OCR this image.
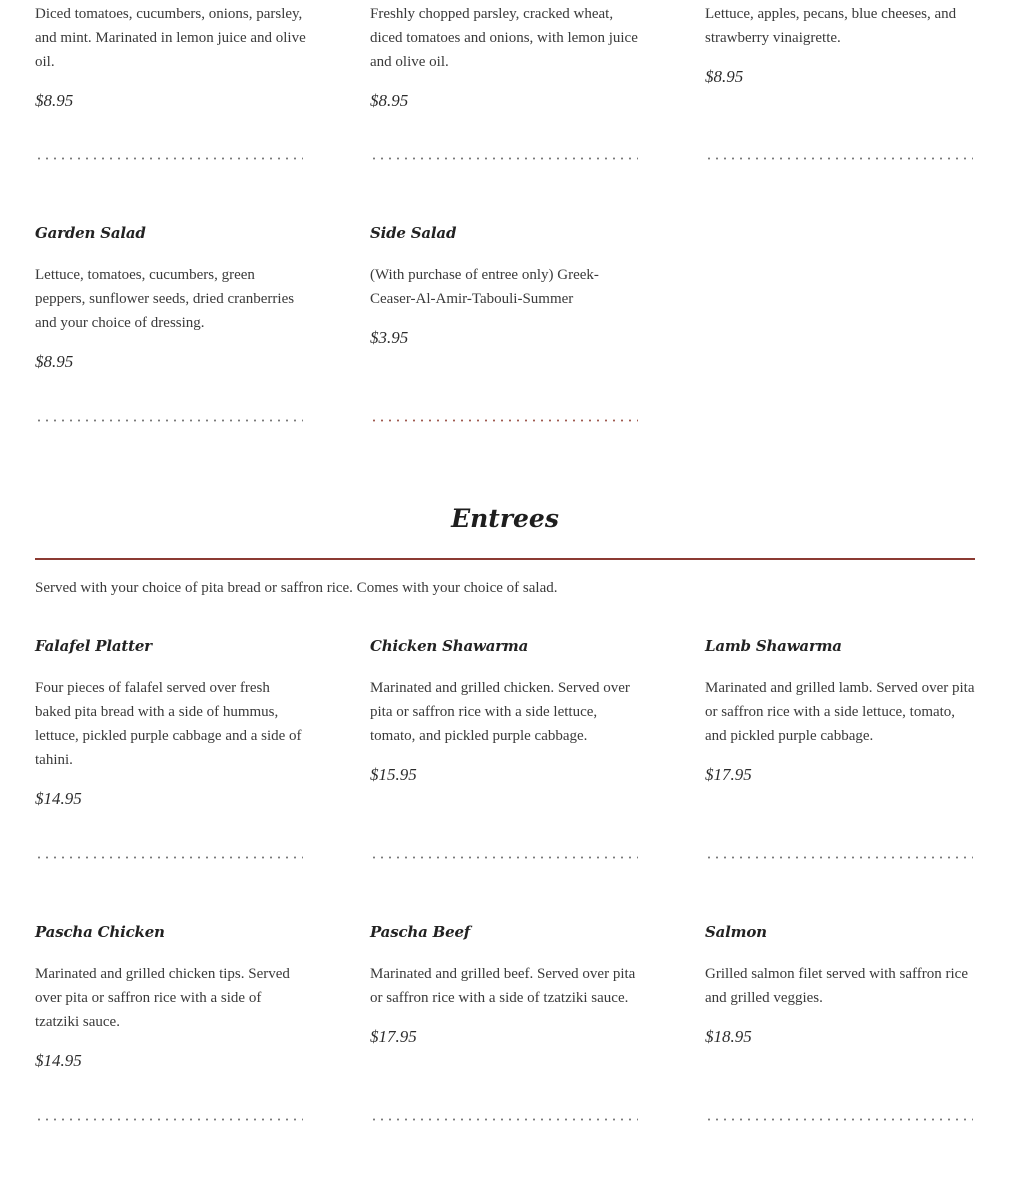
Diced tomatoes, cucumbers, onions, parsley, and mint. Marinated in lemon juice and olive oil.
$8.95
Freshly chopped parsley, cracked wheat, diced tomatoes and onions, with lemon juice and olive oil.
$8.95
Lettuce, apples, pecans, blue cheeses, and strawberry vinaigrette.
$8.95
Garden Salad
Lettuce, tomatoes, cucumbers, green peppers, sunflower seeds, dried cranberries and your choice of dressing.
$8.95
Side Salad
(With purchase of entree only) Greek-Ceaser-Al-Amir-Tabouli-Summer
$3.95
Entrees
Served with your choice of pita bread or saffron rice. Comes with your choice of salad.
Falafel Platter
Four pieces of falafel served over fresh baked pita bread with a side of hummus, lettuce, pickled purple cabbage and a side of tahini.
$14.95
Chicken Shawarma
Marinated and grilled chicken. Served over pita or saffron rice with a side lettuce, tomato, and pickled purple cabbage.
$15.95
Lamb Shawarma
Marinated and grilled lamb. Served over pita or saffron rice with a side lettuce, tomato, and pickled purple cabbage.
$17.95
Pascha Chicken
Marinated and grilled chicken tips. Served over pita or saffron rice with a side of tzatziki sauce.
$14.95
Pascha Beef
Marinated and grilled beef. Served over pita or saffron rice with a side of tzatziki sauce.
$17.95
Salmon
Grilled salmon filet served with saffron rice and grilled veggies.
$18.95
